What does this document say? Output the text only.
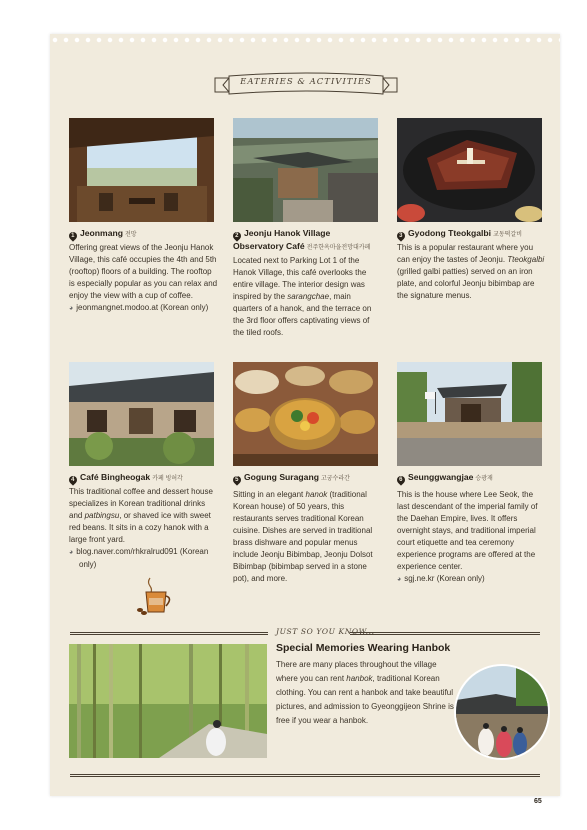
EATERIES & ACTIVITIES
1 Jeonmang 전망
Offering great views of the Jeonju Hanok Village, this café occupies the 4th and 5th (rooftop) floors of a building. The rooftop is especially popular as you can relax and enjoy the view with a cup of coffee.
◕ jeonmangnet.modoo.at (Korean only)
2 Jeonju Hanok Village Observatory Café 전주한옥마을전망대카페
Located next to Parking Lot 1 of the Hanok Village, this café overlooks the entire village. The interior design was inspired by the sarangchae, main quarters of a hanok, and the terrace on the 3rd floor offers captivating views of the tiled roofs.
3 Gyodong Tteokgalbi 교동떡갈비
This is a popular restaurant where you can enjoy the tastes of Jeonju. Tteokgalbi (grilled galbi patties) served on an iron plate, and colorful Jeonju bibimbap are the signature menus.
4 Café Bingheogak 카페 빙허각
This traditional coffee and dessert house specializes in Korean traditional drinks and patbingsu, or shaved ice with sweet red beans. It sits in a cozy hanok with a large front yard.
◕ blog.naver.com/rhkralrud091 (Korean only)
5 Gogung Suragang 고궁수라간
Sitting in an elegant hanok (traditional Korean house) of 50 years, this restaurants serves traditional Korean cuisine. Dishes are served in traditional brass dishware and popular menus include Jeonju Bibimbap, Jeonju Dolsot Bibimbap (bibimbap served in a stone pot), and more.
6 Seunggwangjae 승광재
This is the house where Lee Seok, the last descendant of the imperial family of the Daehan Empire, lives. It offers overnight stays, and traditional imperial court etiquette and tea ceremony experience programs are offered at the experience center.
◕ sgj.ne.kr (Korean only)
JUST SO YOU KNOW...
Special Memories Wearing Hanbok
There are many places throughout the village where you can rent hanbok, traditional Korean clothing. You can rent a hanbok and take beautiful pictures, and admission to Gyeonggijeon Shrine is free if you wear a hanbok.
65
